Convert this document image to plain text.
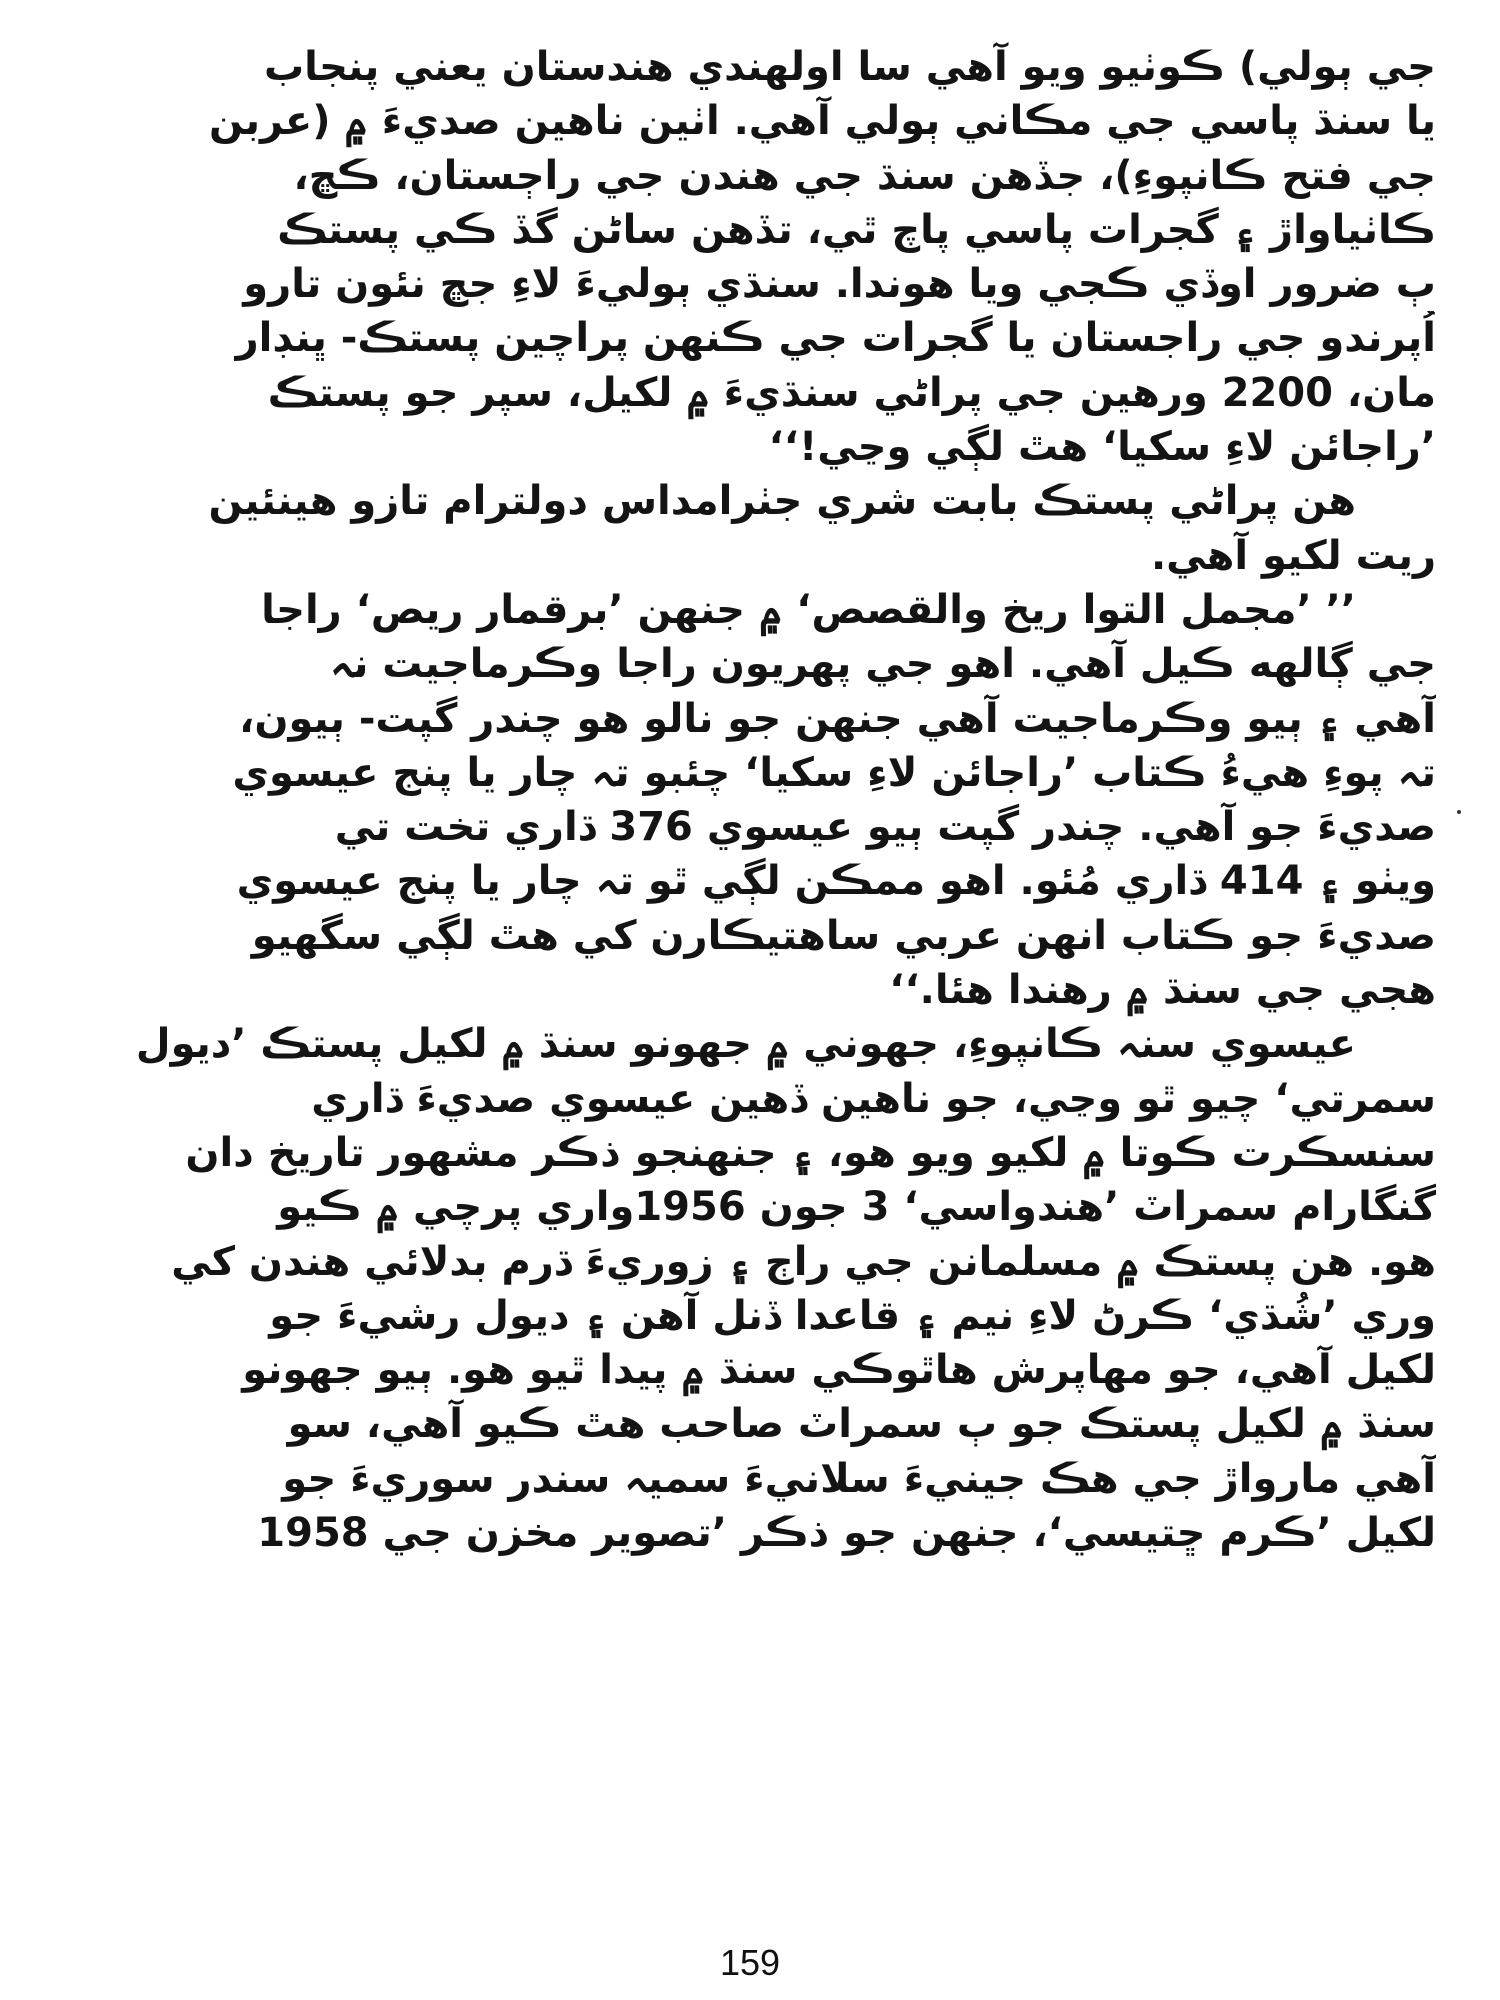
جي ٻولي) ڪوٺيو ويو آهي سا اولهندي هندستان يعني پنجاب
يا سنڌ پاسي جي مڪاني ٻولي آهي. اٺين ناهين صديءَ ۾ (عربن
جي فتح ڪانپوءِ)، جڏهن سنڌ جي هندن جي راڄستان، ڪڇ،
ڪاٺياواڙ ۽ گجرات پاسي پاچ ٿي، تڏهن ساڻن گڏ ڪي پستڪ
ٻ ضرور اوڏي ڪجي ويا هوندا. سنڌي ٻوليءَ لاءِ جڇ نئون تارو
اُپرندو جي راجستان يا گجرات جي ڪنهن پراچين پستڪ- ڀنڊار
مان، 2200 ورهين جي پراڻي سنڌيءَ ۾ لکيل، سپر جو پستڪ
’راجائن لاءِ سکيا‘ هٿ لڳي وڃي!‘‘

هن پراڻي پستڪ بابت شري جٺرامداس دولترام تازو هينئين
ريت لکيو آهي.

’’ ’مجمل التوا ريخ والقصص‘ ۾ جنهن ’برقمار ريص‘ راجا
جي ڳالهه ڪيل آهي. اهو جي پهريون راجا وڪرماجيت نہ
آهي ۽ ٻيو وڪرماجيت آهي جنهن جو نالو هو چندر گپت- ٻيون،
تہ پوءِ هيءُ ڪتاب ’راجائن لاءِ سکيا‘ چئبو تہ چار يا پنج عيسوي
صديءَ جو آهي. چندر گپت ٻيو عيسوي 376 ڌاري تخت تي
ويٺو ۽ 414 ڌاري مُئو. اهو ممڪن لڳي ٿو تہ چار يا پنج عيسوي
صديءَ جو ڪتاب انهن عربي ساهتيڪارن کي هٿ لڳي سگهيو
هجي جي سنڌ ۾ رهندا هئا.‘‘

عيسوي سنہ ڪانپوءِ، جهوني ۾ جهونو سنڌ ۾ لکيل پستڪ ’ديول
سمرتي‘ چيو ٿو وڃي، جو ناهين ڏهين عيسوي صديءَ ڌاري
سنسڪرت ڪوتا ۾ لکيو ويو هو، ۽ جنهنجو ذڪر مشهور تاريخ دان
گنگارام سمراٽ ’هندواسي‘ 3 جون 1956واري پرچي ۾ ڪيو
هو. هن پستڪ ۾ مسلمانن جي راڄ ۽ زوريءَ ڌرم بدلائي هندن کي
وري ’شُڌي‘ ڪرڻ لاءِ نيم ۽ قاعدا ڏنل آهن ۽ ديول رشيءَ جو
لکيل آهي، جو مهاپرش هاٿوڪي سنڌ ۾ پيدا ٿيو هو. ٻيو جهونو
سنڌ ۾ لکيل پستڪ جو ٻ سمراٽ صاحب هٿ ڪيو آهي، سو
آهي مارواڙ جي هڪ جينيءَ سلانيءَ سميہ سندر سوريءَ جو
لکيل ’ڪرم ڇتيسي‘، جنهن جو ذڪر ’تصوير مخزن جي 1958

159
